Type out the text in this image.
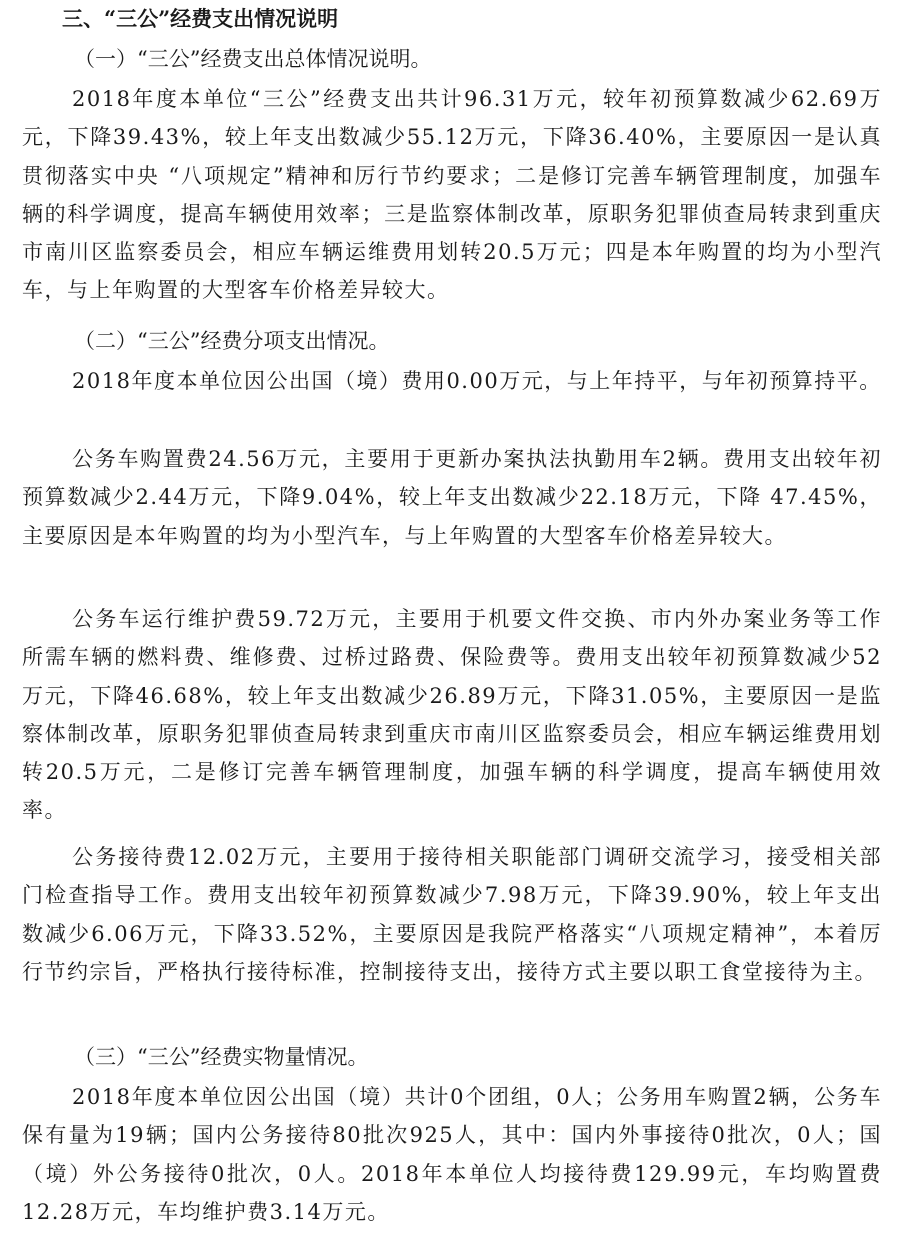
三、“三公”经费支出情况说明
（一）“三公”经费支出总体情况说明。

2018年度本单位“三公”经费支出共计96.31万元，较年初预算数减少62.69万元，下降39.43%，较上年支出数减少55.12万元，下降36.40%，主要原因一是认真贯彻落实中央 “八项规定”精神和厉行节约要求；二是修订完善车辆管理制度，加强车辆的科学调度，提高车辆使用效率；三是监察体制改革，原职务犯罪侦查局转隶到重庆市南川区监察委员会，相应车辆运维费用划转20.5万元；四是本年购置的均为小型汽车，与上年购置的大型客车价格差异较大。

（二）“三公”经费分项支出情况。

2018年度本单位因公出国（境）费用0.00万元，与上年持平，与年初预算持平。

公务车购置费24.56万元，主要用于更新办案执法执勤用车2辆。费用支出较年初预算数减少2.44万元，下降9.04%，较上年支出数减少22.18万元，下降 47.45%，主要原因是本年购置的均为小型汽车，与上年购置的大型客车价格差异较大。

公务车运行维护费59.72万元，主要用于机要文件交换、市内外办案业务等工作所需车辆的燃料费、维修费、过桥过路费、保险费等。费用支出较年初预算数减少52万元，下降46.68%，较上年支出数减少26.89万元，下降31.05%，主要原因一是监察体制改革，原职务犯罪侦查局转隶到重庆市南川区监察委员会，相应车辆运维费用划转20.5万元，二是修订完善车辆管理制度，加强车辆的科学调度，提高车辆使用效率。

公务接待费12.02万元，主要用于接待相关职能部门调研交流学习，接受相关部门检查指导工作。费用支出较年初预算数减少7.98万元，下降39.90%，较上年支出数减少6.06万元，下降33.52%，主要原因是我院严格落实“八项规定精神”，本着厉行节约宗旨，严格执行接待标准，控制接待支出，接待方式主要以职工食堂接待为主。

（三）“三公”经费实物量情况。

2018年度本单位因公出国（境）共计0个团组，0人；公务用车购置2辆，公务车保有量为19辆；国内公务接待80批次925人，其中：国内外事接待0批次，0人；国（境）外公务接待0批次，0人。2018年本单位人均接待费129.99元，车均购置费12.28万元，车均维护费3.14万元。
